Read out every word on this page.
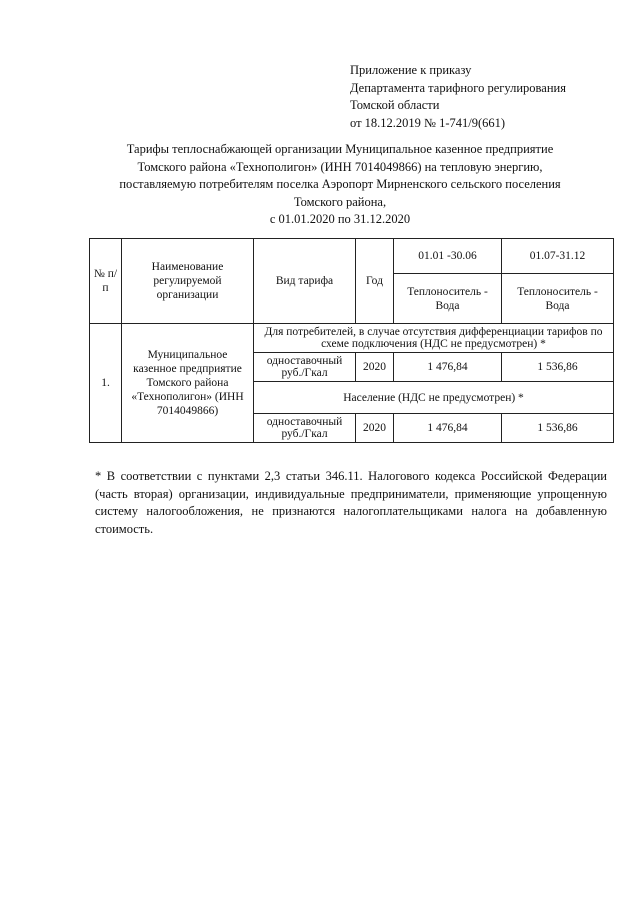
Приложение к приказу
Департамента тарифного регулирования
Томской области
от 18.12.2019 № 1-741/9(661)
Тарифы теплоснабжающей организации Муниципальное казенное предприятие
Томского района «Технополигон» (ИНН 7014049866) на тепловую энергию,
поставляемую потребителям поселка Аэропорт Мирненского сельского поселения
Томского района,
с 01.01.2020 по 31.12.2020
№ п/п	Наименование регулируемой организации	Вид тарифа	Год	01.01 -30.06	01.07-31.12
				Теплоноситель - Вода	Теплоноситель - Вода
1.	Муниципальное казенное предприятие Томского района «Технополигон» (ИНН 7014049866)	Для потребителей, в случае отсутствия дифференциации тарифов по схеме подключения (НДС не предусмотрен) *			
		одноставочный руб./Гкал	2020	1 476,84	1 536,86
		Население (НДС не предусмотрен) *			
		одноставочный руб./Гкал	2020	1 476,84	1 536,86
* В соответствии с пунктами 2,3 статьи 346.11. Налогового кодекса Российской Федерации (часть вторая) организации, индивидуальные предприниматели, применяющие упрощенную систему налогообложения, не признаются налогоплательщиками налога на добавленную стоимость.
